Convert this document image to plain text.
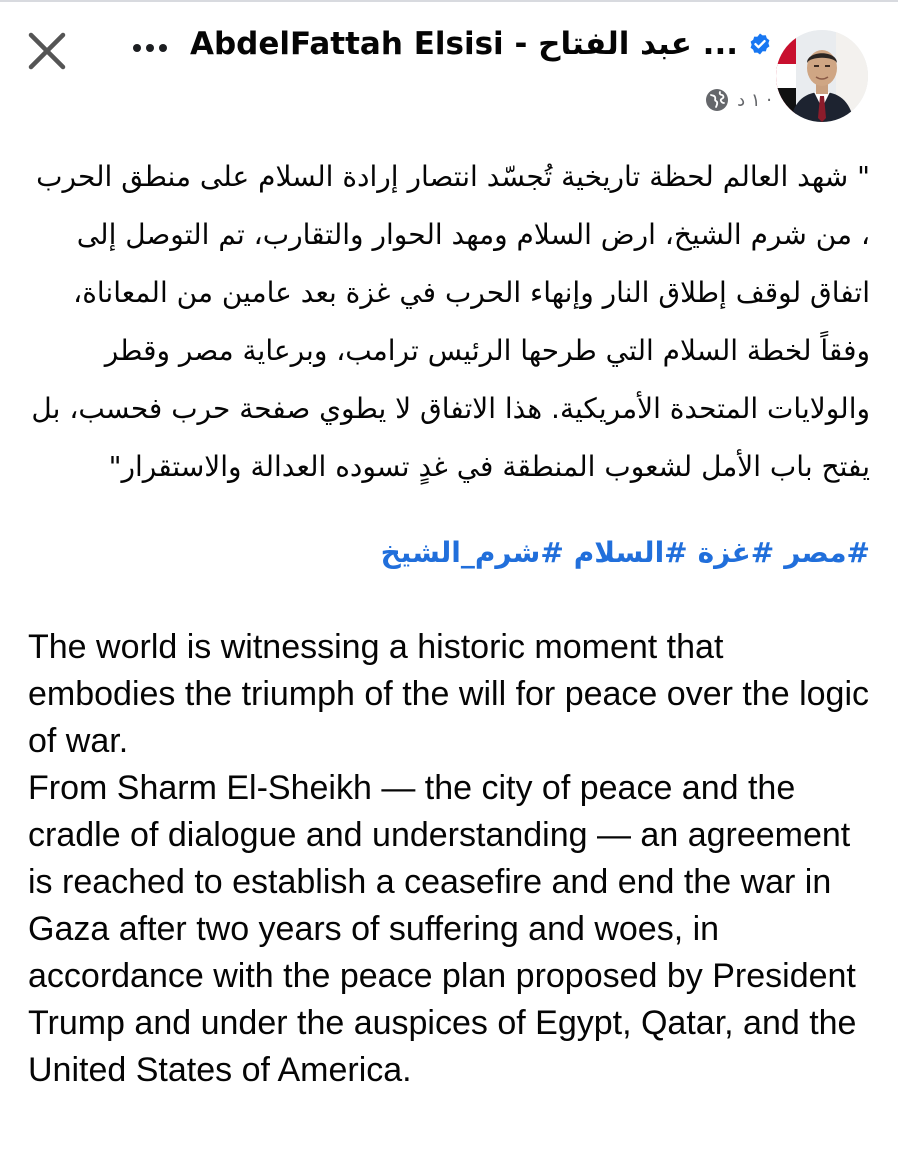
AbdelFattah Elsisi - عبد الفتاح ...
١ د ·

" شهد العالم لحظة تاريخية تُجسّد انتصار إرادة السلام على منطق الحرب ، من شرم الشيخ، ارض السلام ومهد الحوار والتقارب، تم التوصل إلى اتفاق لوقف إطلاق النار وإنهاء الحرب في غزة بعد عامين من المعاناة، وفقاً لخطة السلام التي طرحها الرئيس ترامب، وبرعاية مصر وقطر والولايات المتحدة الأمريكية. هذا الاتفاق لا يطوي صفحة حرب فحسب، بل يفتح باب الأمل لشعوب المنطقة في غدٍ تسوده العدالة والاستقرار"

#مصر#غزة#السلام#شرم_الشيخ

The world is witnessing a historic moment that embodies the triumph of the will for peace over the logic of war.

From Sharm El-Sheikh — the city of peace and the cradle of dialogue and understanding — an agreement is reached to establish a ceasefire and end the war in Gaza after two years of suffering and woes, in accordance with the peace plan proposed by President Trump and under the auspices of Egypt, Qatar, and the United States of America.
